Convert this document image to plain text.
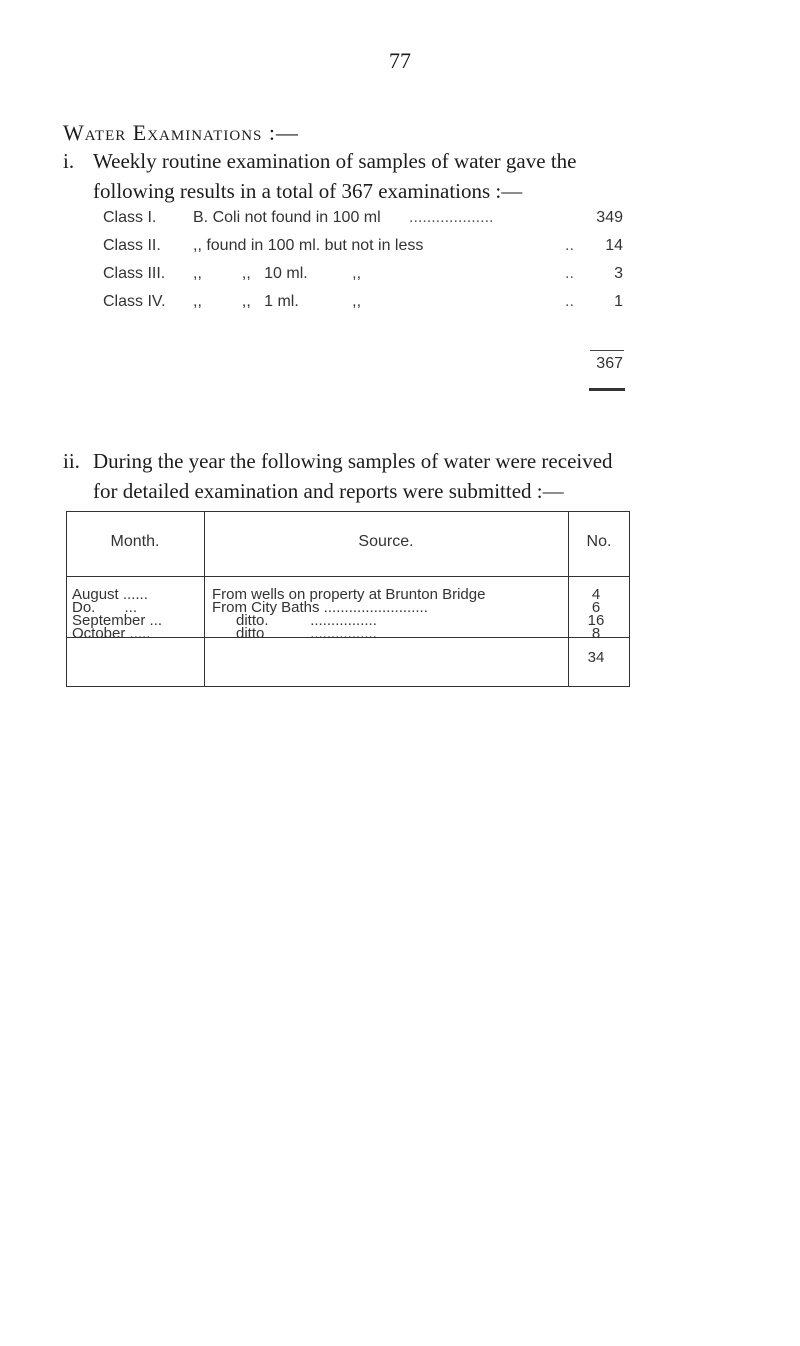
77
Water Examinations :—
i. Weekly routine examination of samples of water gave the
following results in a total of 367 examinations :—
Class I. B. Coli not found in 100 ml ...................	349
Class II. ,, found in 100 ml. but not in less	..	14
Class III. ,,         ,,   10 ml.          ,,	..	3
Class IV. ,,         ,,   1 ml.            ,,	..	1
367
ii. During the year the following samples of water were received
for detailed examination and reports were submitted :—
Month.	Source.	No.
August ......	From wells on property at Brunton Bridge	4
Do.       ...	From City Baths .........................	6
September ...	ditto.          ................	16
October .....	ditto           ................	8
34
